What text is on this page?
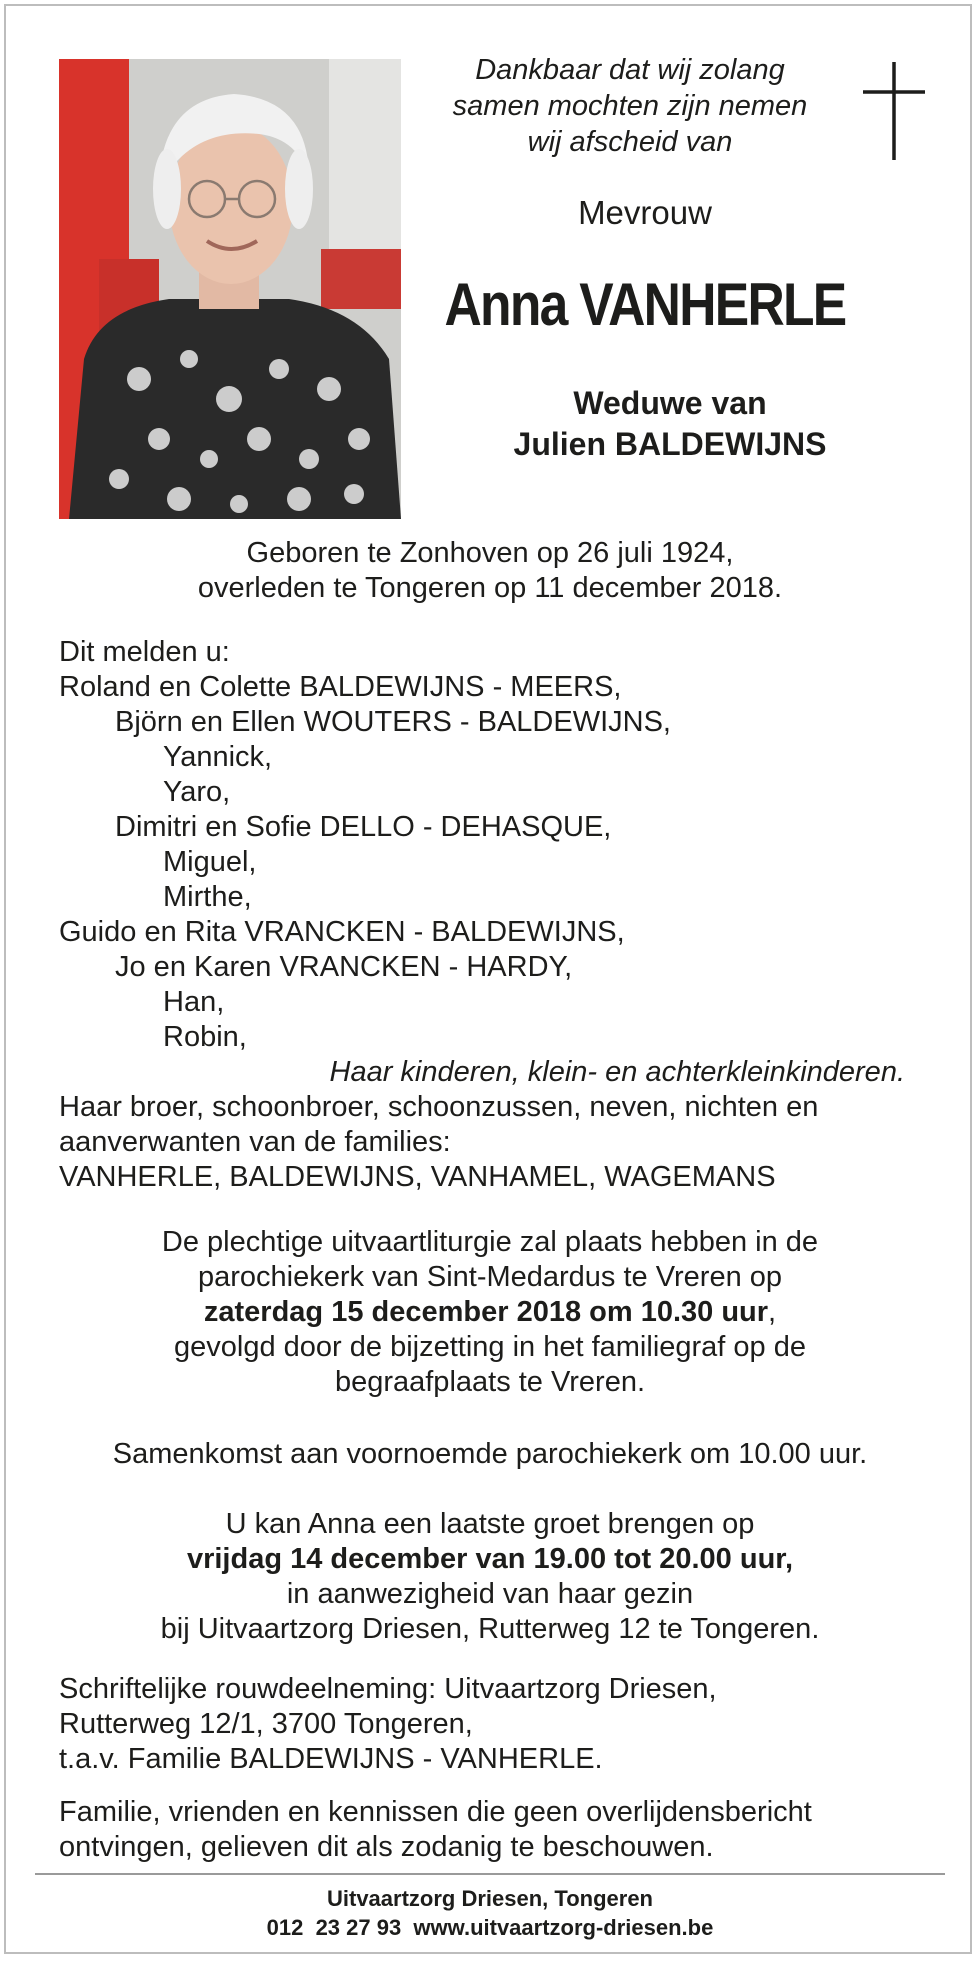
Dankbaar dat wij zolang
samen mochten zijn nemen
wij afscheid van
Mevrouw
Anna VANHERLE
Weduwe van
Julien BALDEWIJNS
Geboren te Zonhoven op 26 juli 1924,
overleden te Tongeren op 11 december 2018.
Dit melden u:
Roland en Colette BALDEWIJNS - MEERS,
Björn en Ellen WOUTERS - BALDEWIJNS,
Yannick,
Yaro,
Dimitri en Sofie DELLO - DEHASQUE,
Miguel,
Mirthe,
Guido en Rita VRANCKEN - BALDEWIJNS,
Jo en Karen VRANCKEN - HARDY,
Han,
Robin,
Haar kinderen, klein- en achterkleinkinderen.
Haar broer, schoonbroer, schoonzussen, neven, nichten en
aanverwanten van de families:
VANHERLE, BALDEWIJNS, VANHAMEL, WAGEMANS
De plechtige uitvaartliturgie zal plaats hebben in de
parochiekerk van Sint-Medardus te Vreren op
zaterdag 15 december 2018 om 10.30 uur,
gevolgd door de bijzetting in het familiegraf op de
begraafplaats te Vreren.
Samenkomst aan voornoemde parochiekerk om 10.00 uur.
U kan Anna een laatste groet brengen op
vrijdag 14 december van 19.00 tot 20.00 uur,
in aanwezigheid van haar gezin
bij Uitvaartzorg Driesen, Rutterweg 12 te Tongeren.
Schriftelijke rouwdeelneming: Uitvaartzorg Driesen,
Rutterweg 12/1, 3700 Tongeren,
t.a.v. Familie BALDEWIJNS - VANHERLE.
Familie, vrienden en kennissen die geen overlijdensbericht
ontvingen, gelieven dit als zodanig te beschouwen.
Uitvaartzorg Driesen, Tongeren
012  23 27 93  www.uitvaartzorg-driesen.be
